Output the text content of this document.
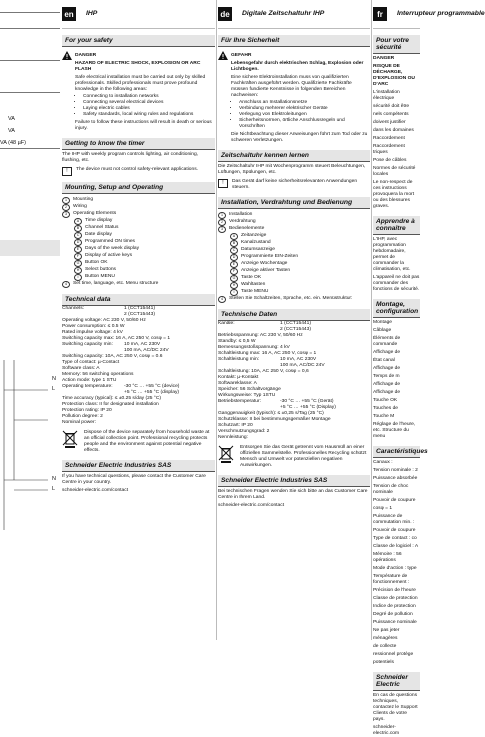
VA
VA
VA (48 µF)
N
L
N
L
en	IHP
For your safety
DANGER
HAZARD OF ELECTRIC SHOCK, EXPLOSION OR ARC FLASH
Safe electrical installation must be carried out only by skilled professionals. Skilled professionals must prove profound knowledge in the following areas:
• Connecting to installation networks
• Connecting several electrical devices
• Laying electric cables
• Safety standards, local wiring rules and regulations
Failure to follow these instructions will result in death or serious injury.
Getting to know the timer
The IHP with weekly program controls lighting, air conditioning, flushing, etc.
!	The device must not control safety-relevant applications.
Mounting, Setup and Operating
1	Mounting
2	Wiring
3	Operating Elements
A	Time display
B	Channel Status
C	Date display
D	Programmed ON times
E	Days of the week display
F	Display of active keys
G	Button OK
H	Select buttons
I	Button MENU
4	Set time, language, etc. Menu structure
Technical data
Channels:	1 (CCT15441)
2 (CCT15443)
Operating voltage: AC 230 V, 50/60 Hz
Power consumption: ≤ 0.5 W
Rated impulse voltage: 4 kV
Switching capacity max: 16 A, AC 250 V, cosφ = 1
Switching capacity min:	10 mA, AC 230V
100 mA, AC/DC 24V
Switching capacity: 10A, AC 250 V, cosφ = 0.6
Type of contact: µ-Contact
Software class: A
Memory: 56 switching operations
Action mode: type 1 STU
Operating temperature:	-30 °C … +55 °C (device)
+5 °C … +55 °C (display)
Time accuracy (typical): ≤ ±0.25 s/day (25 °C)
Protection class: II for designated installation
Protection rating: IP 20
Pollution degree: 2
Nominal power:
Dispose of the device separately from household waste at an official collection point. Professional recycling protects people and the environment against potential negative effects.
Schneider Electric Industries SAS
If you have technical questions, please contact the Customer Care Centre in your country.
schneider-electric.com/contact
de	Digitale Zeitschaltuhr IHP
Für Ihre Sicherheit
GEFAHR
Lebensgefahr durch elektrischen Schlag, Explosion oder Lichtbogen.
Eine sichere Elektroinstallation muss von qualifizierten Fachkräften ausgeführt werden. Qualifizierte Fachkräfte müssen fundierte Kenntnisse in folgenden Bereichen nachweisen:
• Anschluss an Installationsnetze
• Verbindung mehrerer elektrischer Geräte
• Verlegung von Elektroleitungen
• Sicherheitsnormen, örtliche Anschlussregeln und Vorschriften
Die Nichtbeachtung dieser Anweisungen führt zum Tod oder zu schweren Verletzungen.
Zeitschaltuhr kennen lernen
Die Zeitschaltuhr IHP mit Wochenprogramm steuert Beleuchtungen, Lüftungen, Spülungen, etc.
!	Das Gerät darf keine sicherheitsrelevanten Anwendungen steuern.
Installation, Verdrahtung und Bedienung
1	Installation
2	Verdrahtung
3	Bedienelemente
A	Zeitanzeige
B	Kanalzustand
C	Datumsanzeige
D	Programmierte EIN-Zeiten
E	Anzeige Wochentage
F	Anzeige aktiver Tasten
G	Taste OK
H	Wahltasten
I	Taste MENU
4	Stellen Sie Schaltzeiten, Sprache, etc. ein. Menüstruktur:
Technische Daten
Kanäle:	1 (CCT15441)
2 (CCT15443)
Betriebsspannung: AC 230 V, 50/60 Hz
Standby: ≤ 0,5 W
Bemessungsstoßspannung: 4 kV
Schaltleistung max: 16 A, AC 250 V, cosφ = 1
Schaltleistung min:	10 mA, AC 230V
100 mA, AC/DC 24V
Schaltleistung: 10A, AC 250 V, cosφ = 0,6
Kontakt: µ-Kontakt
Softwareklasse: A
Speicher: 56 Schaltvorgänge
Wirkungsweise: Typ 1STU
Betriebstemperatur:	-30 °C … +55 °C (Gerät)
+5 °C … +55 °C (Display)
Ganggenauigkeit (typisch): ≤ ±0,25 s/Tag (25 °C)
Schutzklasse: II bei bestimmungsgemäßer Montage
Schutzart: IP 20
Verschmutzungsgrad: 2
Nennleistung:
Entsorgen Sie das Gerät getrennt vom Hausmüll an einer offiziellen Sammelstelle. Professionelles Recycling schützt Mensch und Umwelt vor potenziellen negativen Auswirkungen.
Schneider Electric Industries SAS
Bei technischen Fragen wenden Sie sich bitte an das Customer Care Centre in Ihrem Land.
schneider-electric.com/contact
fr	Interrupteur programmable
Pour votre sécurité
DANGER
RISQUE DE DÉCHARGE, D'EXPLOSION OU D'ARC
L'installation électrique
sécurité doit être
nels compétents
doivent justifier
dans les domaines
Raccordement
Raccordement triques
Pose de câbles
Normes de sécurité locales
Le non-respect de ces instructions provoquera la mort ou des blessures graves.
Apprendre à connaître
L'IHP, avec programmation hebdomadaire, permet de commander la climatisation, etc.
L'appareil ne doit pas commander des fonctions de sécurité.
Montage, configuration
Montage
Câblage
Éléments de commande
Affichage de
État canal
Affichage de
Temps de m
Affichage de
Affichage de
Touche OK
Touches de
Touche M
Réglage de l'heure, etc. Structure du menu
Caractéristiques
Canaux :
Tension nominale : 2
Puissance absorbée
Tension de choc nominale
Pouvoir de coupure
cosφ = 1
Puissance de commutation min. :
Pouvoir de coupure
Type de contact : co
Classe de logiciel : A
Mémoire : 56 opérations
Mode d'action : type
Température de fonctionnement :
Précision de l'heure
Classe de protection
Indice de protection
Degré de pollution
Puissance nominale
Ne pas jeter
ménagères
de collecte
ressionnel protège
potentiels
Schneider Electric
En cas de questions techniques, contactez le Support Clients de votre pays.
schneider-electric.com
